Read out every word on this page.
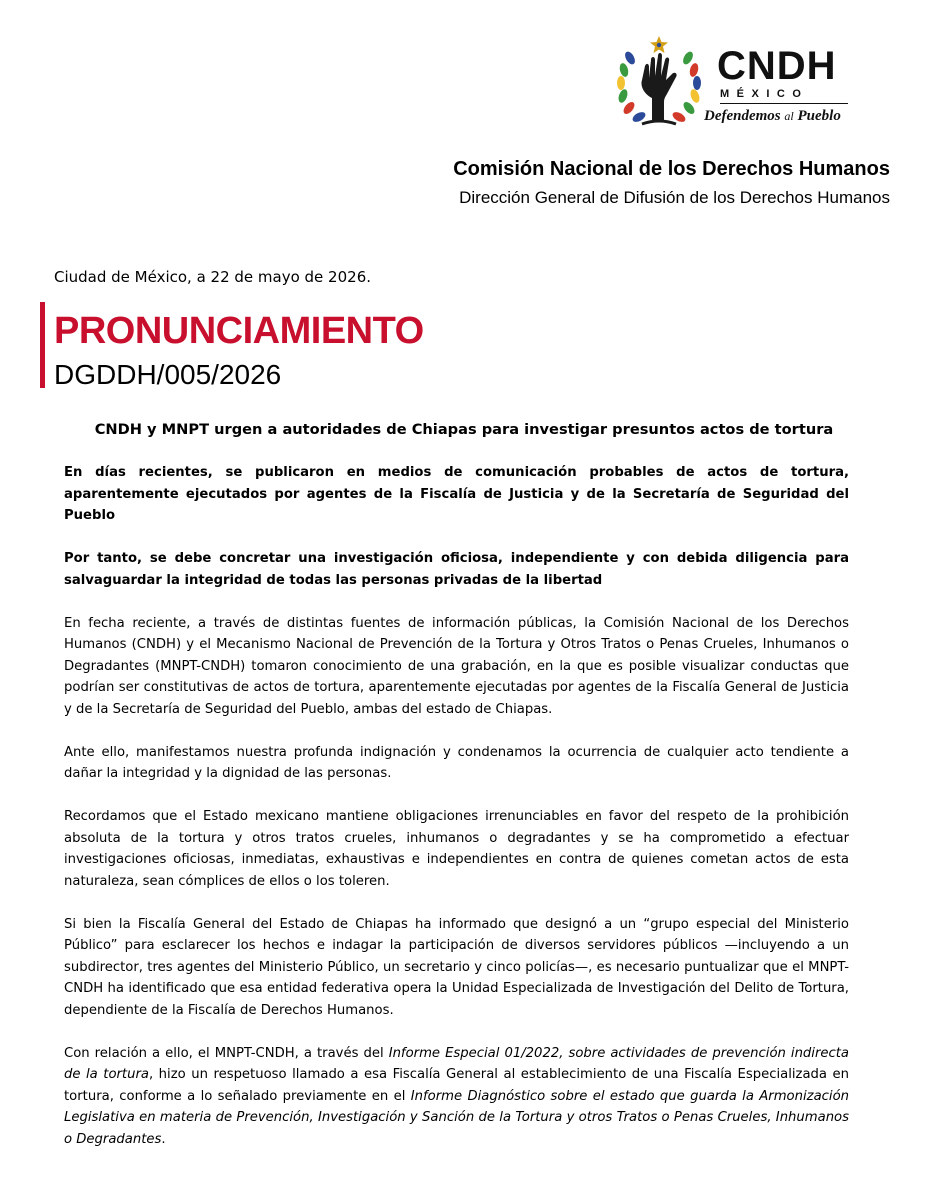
CNDH
MÉXICO
Defendemos al Pueblo
Comisión Nacional de los Derechos Humanos
Dirección General de Difusión de los Derechos Humanos
Ciudad de México, a 22 de mayo de 2026.
PRONUNCIAMIENTO
DGDDH/005/2026
CNDH y MNPT urgen a autoridades de Chiapas para investigar presuntos actos de tortura

En días recientes, se publicaron en medios de comunicación probables de actos de tortura, aparentemente ejecutados por agentes de la Fiscalía de Justicia y de la Secretaría de Seguridad del Pueblo

Por tanto, se debe concretar una investigación oficiosa, independiente y con debida diligencia para salvaguardar la integridad de todas las personas privadas de la libertad

En fecha reciente, a través de distintas fuentes de información públicas, la Comisión Nacional de los Derechos Humanos (CNDH) y el Mecanismo Nacional de Prevención de la Tortura y Otros Tratos o Penas Crueles, Inhumanos o Degradantes (MNPT-CNDH) tomaron conocimiento de una grabación, en la que es posible visualizar conductas que podrían ser constitutivas de actos de tortura, aparentemente ejecutadas por agentes de la Fiscalía General de Justicia y de la Secretaría de Seguridad del Pueblo, ambas del estado de Chiapas.

Ante ello, manifestamos nuestra profunda indignación y condenamos la ocurrencia de cualquier acto tendiente a dañar la integridad y la dignidad de las personas.

Recordamos que el Estado mexicano mantiene obligaciones irrenunciables en favor del respeto de la prohibición absoluta de la tortura y otros tratos crueles, inhumanos o degradantes y se ha comprometido a efectuar investigaciones oficiosas, inmediatas, exhaustivas e independientes en contra de quienes cometan actos de esta naturaleza, sean cómplices de ellos o los toleren.

Si bien la Fiscalía General del Estado de Chiapas ha informado que designó a un “grupo especial del Ministerio Público” para esclarecer los hechos e indagar la participación de diversos servidores públicos —incluyendo a un subdirector, tres agentes del Ministerio Público, un secretario y cinco policías—, es necesario puntualizar que el MNPT-CNDH ha identificado que esa entidad federativa opera la Unidad Especializada de Investigación del Delito de Tortura, dependiente de la Fiscalía de Derechos Humanos.

Con relación a ello, el MNPT-CNDH, a través del Informe Especial 01/2022, sobre actividades de prevención indirecta de la tortura, hizo un respetuoso llamado a esa Fiscalía General al establecimiento de una Fiscalía Especializada en tortura, conforme a lo señalado previamente en el Informe Diagnóstico sobre el estado que guarda la Armonización Legislativa en materia de Prevención, Investigación y Sanción de la Tortura y otros Tratos o Penas Crueles, Inhumanos o Degradantes.
